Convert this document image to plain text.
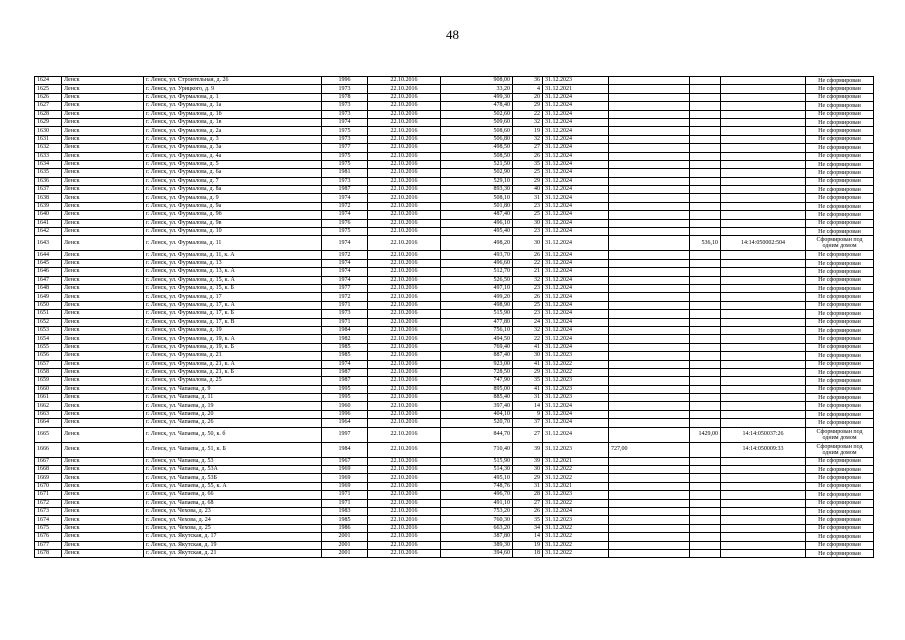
48
1624	Ленск	г. Ленск, ул. Строительная, д. 26	1996	22.10.2016	908,00	36	31.12.2023				Не сформирован
1625	Ленск	г. Ленск, ул. Урицкого, д. 9	1973	22.10.2016	33,20	4	31.12.2021				Не сформирован
1626	Ленск	г. Ленск, ул. Фурмалова, д. 1	1978	22.10.2016	499,30	20	31.12.2024				Не сформирован
1627	Ленск	г. Ленск, ул. Фурмалова, д. 1а	1973	22.10.2016	478,40	29	31.12.2024				Не сформирован
1628	Ленск	г. Ленск, ул. Фурмалова, д. 1б	1973	22.10.2016	502,60	22	31.12.2024				Не сформирован
1629	Ленск	г. Ленск, ул. Фурмалова, д. 1в	1974	22.10.2016	509,60	32	31.12.2024				Не сформирован
1630	Ленск	г. Ленск, ул. Фурмалова, д. 2а	1975	22.10.2016	508,60	19	31.12.2024				Не сформирован
1631	Ленск	г. Ленск, ул. Фурмалова, д. 3	1973	22.10.2016	506,80	32	31.12.2024				Не сформирован
1632	Ленск	г. Ленск, ул. Фурмалова, д. 3а	1977	22.10.2016	498,50	27	31.12.2024				Не сформирован
1633	Ленск	г. Ленск, ул. Фурмалова, д. 4а	1975	22.10.2016	508,50	26	31.12.2024				Не сформирован
1634	Ленск	г. Ленск, ул. Фурмалова, д. 5	1975	22.10.2016	521,50	35	31.12.2024				Не сформирован
1635	Ленск	г. Ленск, ул. Фурмалова, д. 6а	1981	22.10.2016	502,90	25	31.12.2024				Не сформирован
1636	Ленск	г. Ленск, ул. Фурмалова, д. 7	1973	22.10.2016	529,10	29	31.12.2024				Не сформирован
1637	Ленск	г. Ленск, ул. Фурмалова, д. 8а	1987	22.10.2016	893,30	40	31.12.2024				Не сформирован
1638	Ленск	г. Ленск, ул. Фурмалова, д. 9	1974	22.10.2016	508,10	31	31.12.2024				Не сформирован
1639	Ленск	г. Ленск, ул. Фурмалова, д. 9а	1972	22.10.2016	501,80	23	31.12.2024				Не сформирован
1640	Ленск	г. Ленск, ул. Фурмалова, д. 9б	1974	22.10.2016	487,40	25	31.12.2024				Не сформирован
1641	Ленск	г. Ленск, ул. Фурмалова, д. 9в	1976	22.10.2016	496,10	30	31.12.2024				Не сформирован
1642	Ленск	г. Ленск, ул. Фурмалова, д. 10	1975	22.10.2016	495,40	23	31.12.2024				Не сформирован
1643	Ленск	г. Ленск, ул. Фурмалова, д. 11	1974	22.10.2016	498,20	30	31.12.2024		536,10	14:14:050002:504	Сформирован под одним домом
1644	Ленск	г. Ленск, ул. Фурмалова, д. 11, к. А	1972	22.10.2016	493,70	26	31.12.2024				Не сформирован
1645	Ленск	г. Ленск, ул. Фурмалова, д. 13	1974	22.10.2016	496,60	22	31.12.2024				Не сформирован
1646	Ленск	г. Ленск, ул. Фурмалова, д. 13, к. А	1974	22.10.2016	512,70	21	31.12.2024				Не сформирован
1647	Ленск	г. Ленск, ул. Фурмалова, д. 15, к. А	1974	22.10.2016	526,50	32	31.12.2024				Не сформирован
1648	Ленск	г. Ленск, ул. Фурмалова, д. 15, к. Б	1977	22.10.2016	497,10	23	31.12.2024				Не сформирован
1649	Ленск	г. Ленск, ул. Фурмалова, д. 17	1972	22.10.2016	499,20	26	31.12.2024				Не сформирован
1650	Ленск	г. Ленск, ул. Фурмалова, д. 17, к. А	1971	22.10.2016	498,90	25	31.12.2024				Не сформирован
1651	Ленск	г. Ленск, ул. Фурмалова, д. 17, к. Б	1973	22.10.2016	515,90	23	31.12.2024				Не сформирован
1652	Ленск	г. Ленск, ул. Фурмалова, д. 17, к. В	1971	22.10.2016	477,80	24	31.12.2024				Не сформирован
1653	Ленск	г. Ленск, ул. Фурмалова, д. 19	1984	22.10.2016	756,10	32	31.12.2024				Не сформирован
1654	Ленск	г. Ленск, ул. Фурмалова, д. 19, к. А	1982	22.10.2016	494,50	22	31.12.2024				Не сформирован
1655	Ленск	г. Ленск, ул. Фурмалова, д. 19, к. Б	1985	22.10.2016	769,40	41	31.12.2024				Не сформирован
1656	Ленск	г. Ленск, ул. Фурмалова, д. 21	1985	22.10.2016	887,40	30	31.12.2023				Не сформирован
1657	Ленск	г. Ленск, ул. Фурмалова, д. 21, к. А	1974	22.10.2016	923,00	41	31.12.2022				Не сформирован
1658	Ленск	г. Ленск, ул. Фурмалова, д. 21, к. Б	1987	22.10.2016	728,50	29	31.12.2022				Не сформирован
1659	Ленск	г. Ленск, ул. Фурмалова, д. 25	1987	22.10.2016	747,90	35	31.12.2023				Не сформирован
1660	Ленск	г. Ленск, ул. Чапаева, д. 9	1995	22.10.2016	895,00	41	31.12.2023				Не сформирован
1661	Ленск	г. Ленск, ул. Чапаева, д. 11	1995	22.10.2016	885,40	31	31.12.2023				Не сформирован
1662	Ленск	г. Ленск, ул. Чапаева, д. 19	1960	22.10.2016	397,40	14	31.12.2024				Не сформирован
1663	Ленск	г. Ленск, ул. Чапаева, д. 20	1996	22.10.2016	404,10	9	31.12.2024				Не сформирован
1664	Ленск	г. Ленск, ул. Чапаева, д. 26	1964	22.10.2016	520,70	37	31.12.2024				Не сформирован
1665	Ленск	г. Ленск, ул. Чапаева, д. 50, к. б	1997	22.10.2016	844,70	27	31.12.2024		1429,00	14:14:050037:26	Сформирован под одним домом
1666	Ленск	г. Ленск, ул. Чапаева, д. 51, к. Б	1984	22.10.2016	710,40	39	31.12.2023	727,00		14:14:050009:33	Сформирован под одним домом
1667	Ленск	г. Ленск, ул. Чапаева, д. 53	1967	22.10.2016	515,90	39	31.12.2021				Не сформирован
1668	Ленск	г. Ленск, ул. Чапаева, д. 53А	1969	22.10.2016	514,30	30	31.12.2022				Не сформирован
1669	Ленск	г. Ленск, ул. Чапаева, д. 53Б	1969	22.10.2016	495,10	29	31.12.2022				Не сформирован
1670	Ленск	г. Ленск, ул. Чапаева, д. 55, к. А	1969	22.10.2016	748,76	31	31.12.2021				Не сформирован
1671	Ленск	г. Ленск, ул. Чапаева, д. 66	1971	22.10.2016	496,70	28	31.12.2023				Не сформирован
1672	Ленск	г. Ленск, ул. Чапаева, д. 68	1971	22.10.2016	491,10	27	31.12.2022				Не сформирован
1673	Ленск	г. Ленск, ул. Чехова, д. 23	1983	22.10.2016	753,20	26	31.12.2024				Не сформирован
1674	Ленск	г. Ленск, ул. Чехова, д. 24	1985	22.10.2016	760,30	35	31.12.2023				Не сформирован
1675	Ленск	г. Ленск, ул. Чехова, д. 25	1986	22.10.2016	663,20	34	31.12.2022				Не сформирован
1676	Ленск	г. Ленск, ул. Якутская, д. 17	2001	22.10.2016	387,80	14	31.12.2022				Не сформирован
1677	Ленск	г. Ленск, ул. Якутская, д. 19	2001	22.10.2016	389,30	19	31.12.2022				Не сформирован
1678	Ленск	г. Ленск, ул. Якутская, д. 21	2001	22.10.2016	394,60	18	31.12.2022				Не сформирован
